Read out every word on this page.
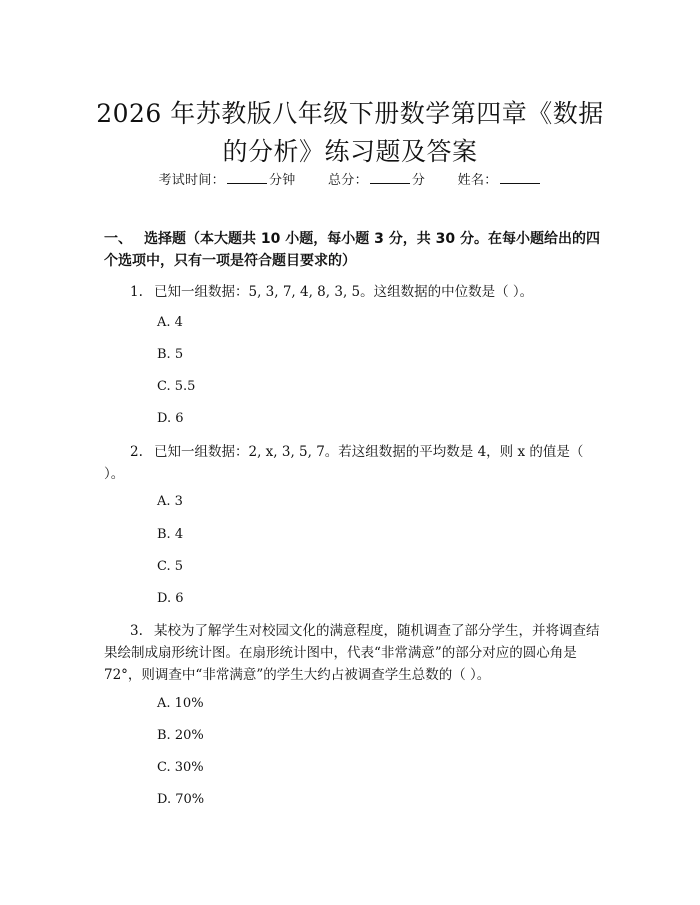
2026 年苏教版八年级下册数学第四章《数据
的分析》练习题及答案
考试时间：	分钟 总分：	分 姓名：
一、 选择题（本大题共 10 小题，每小题 3 分，共 30 分。在每小题给出的四个选项中，只有一项是符合题目要求的）
1. 已知一组数据：5, 3, 7, 4, 8, 3, 5。这组数据的中位数是（ ）。
A. 4
B. 5
C. 5.5
D. 6
2. 已知一组数据：2, x, 3, 5, 7。若这组数据的平均数是 4，则 x 的值是（ ）。
A. 3
B. 4
C. 5
D. 6
3. 某校为了解学生对校园文化的满意程度，随机调查了部分学生，并将调查结果绘制成扇形统计图。在扇形统计图中，代表“非常满意”的部分对应的圆心角是 72°，则调查中“非常满意”的学生大约占被调查学生总数的（ ）。
A. 10%
B. 20%
C. 30%
D. 70%
